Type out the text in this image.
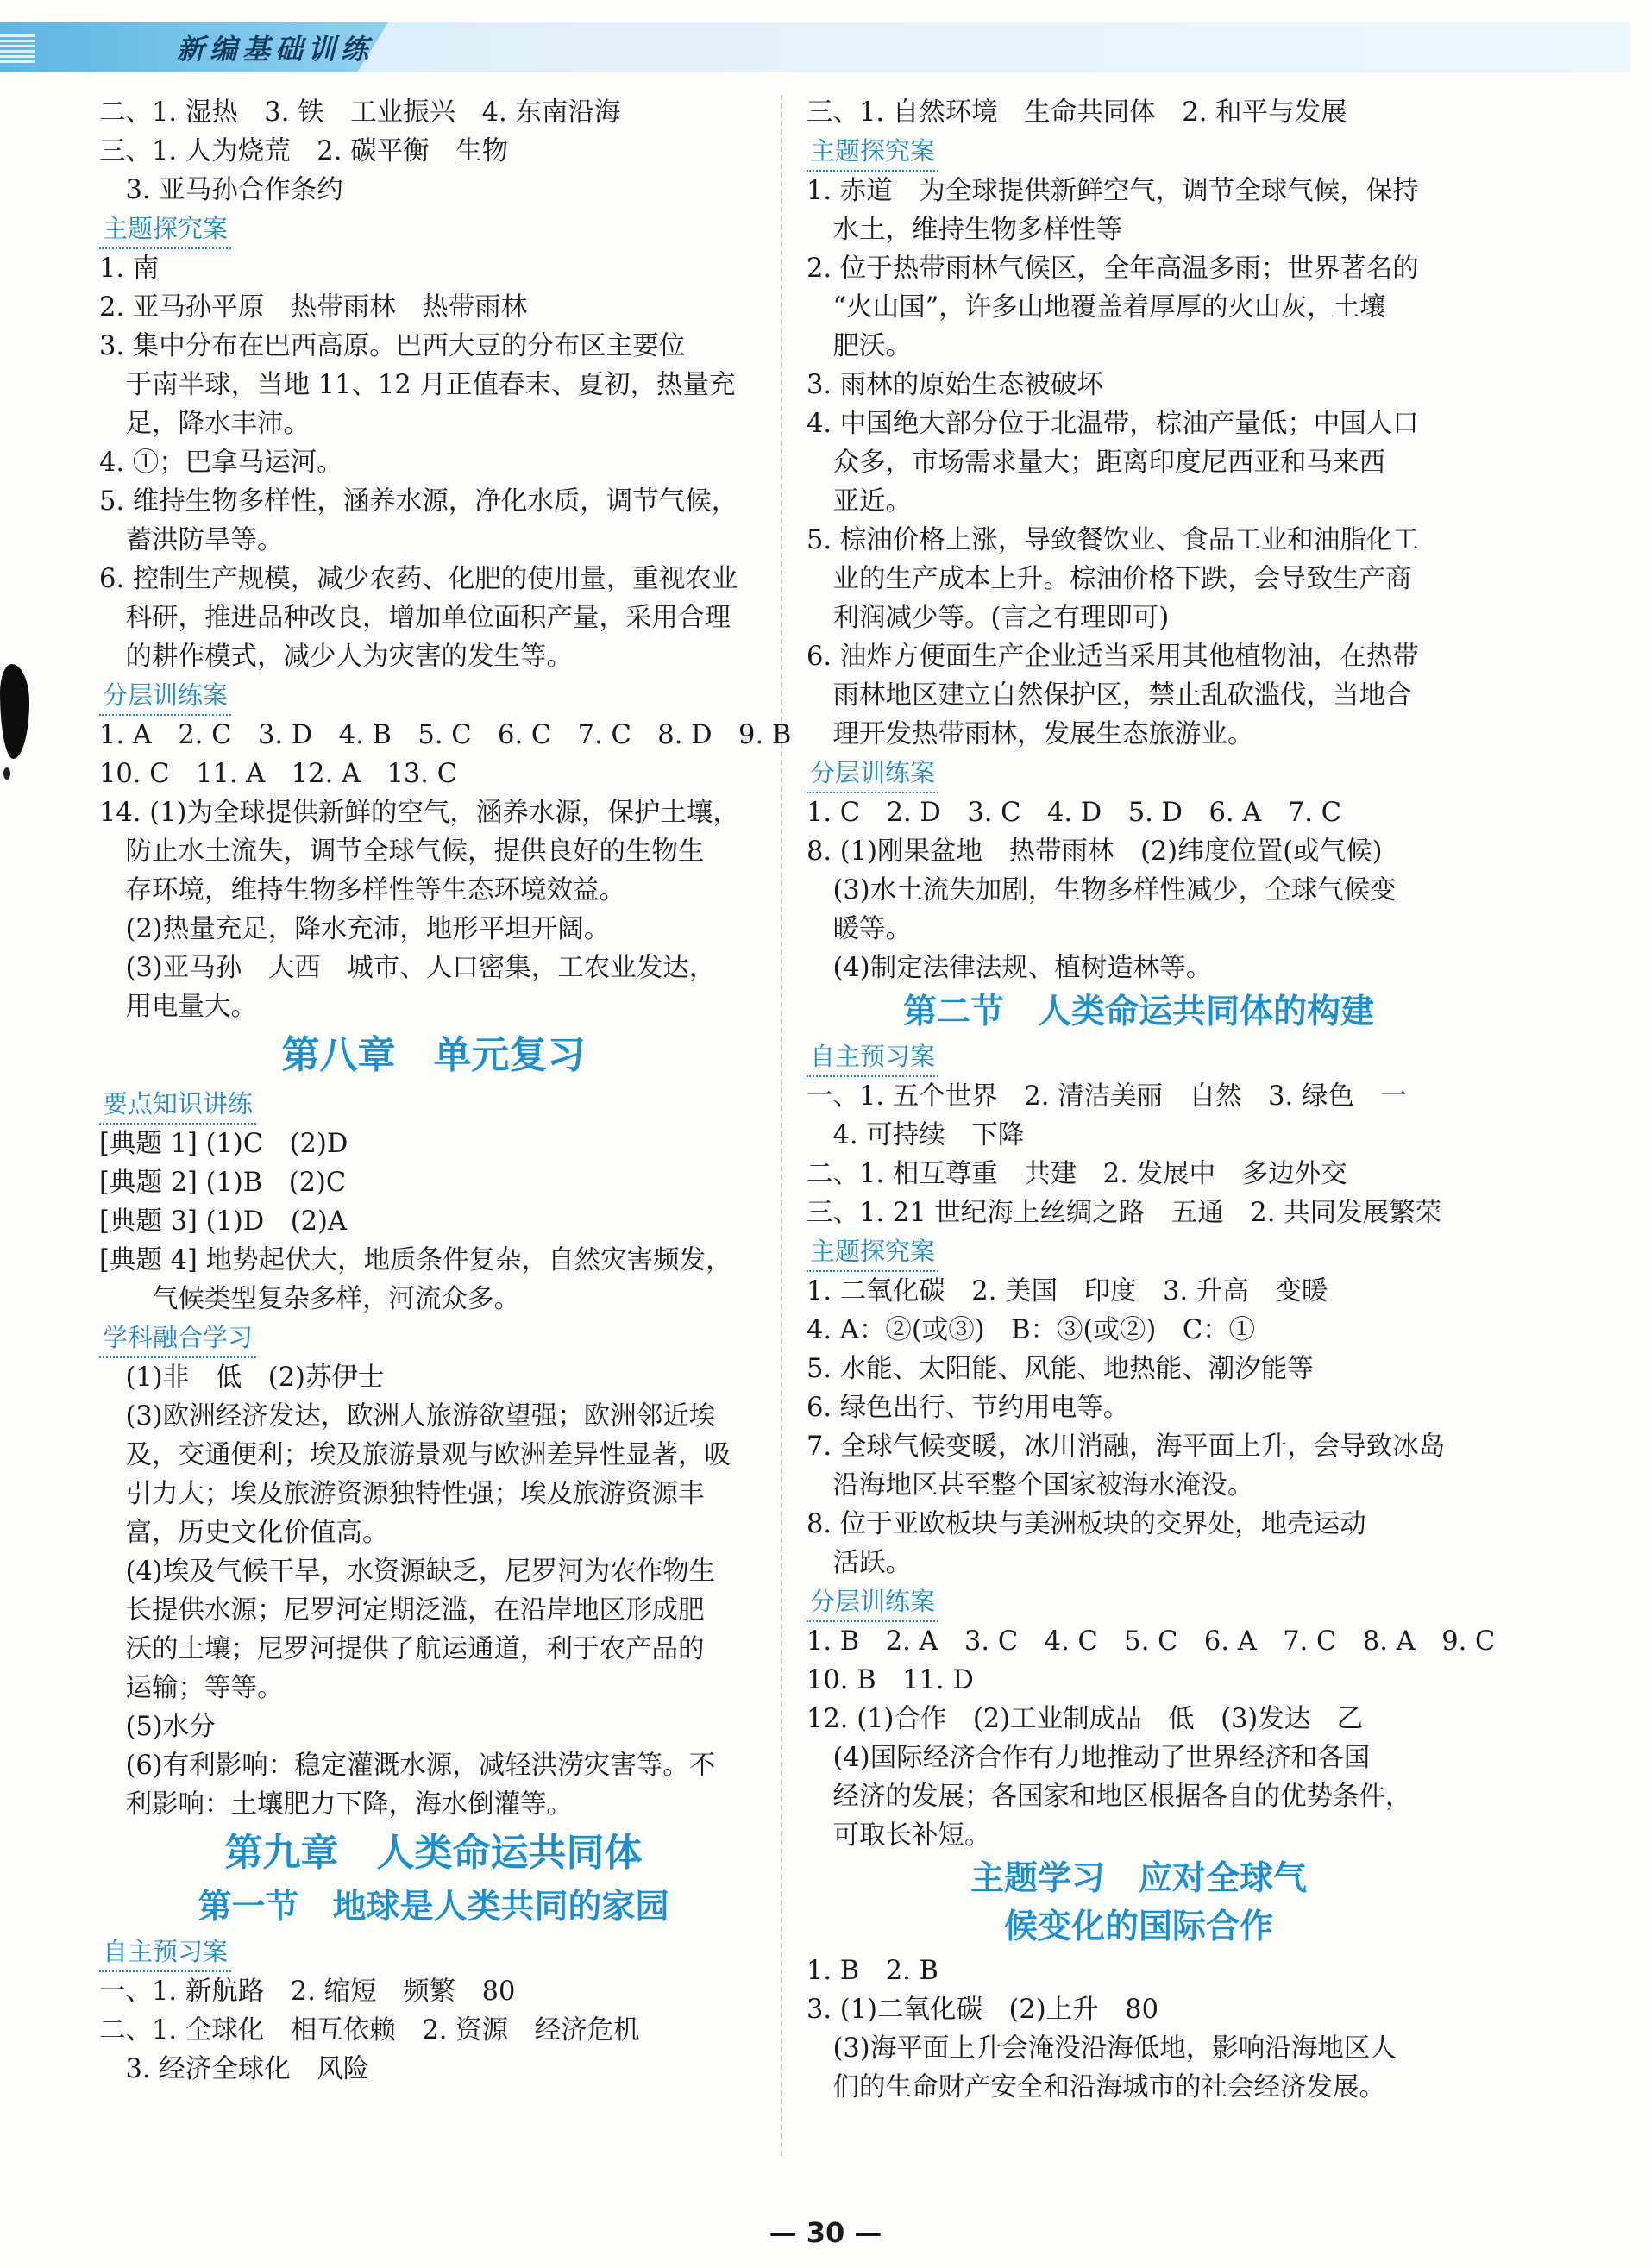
新编基础训练
二、1. 湿热　3. 铁　工业振兴　4. 东南沿海
三、1. 人为烧荒　2. 碳平衡　生物
　3. 亚马孙合作条约
主题探究案
1. 南
2. 亚马孙平原　热带雨林　热带雨林
3. 集中分布在巴西高原。巴西大豆的分布区主要位
　于南半球，当地 11、12 月正值春末、夏初，热量充
　足，降水丰沛。
4. ①；巴拿马运河。
5. 维持生物多样性，涵养水源，净化水质，调节气候，
　蓄洪防旱等。
6. 控制生产规模，减少农药、化肥的使用量，重视农业
　科研，推进品种改良，增加单位面积产量，采用合理
　的耕作模式，减少人为灾害的发生等。
分层训练案
1. A　2. C　3. D　4. B　5. C　6. C　7. C　8. D　9. B
10. C　11. A　12. A　13. C
14. (1)为全球提供新鲜的空气，涵养水源，保护土壤，
　防止水土流失，调节全球气候，提供良好的生物生
　存环境，维持生物多样性等生态环境效益。
　(2)热量充足，降水充沛，地形平坦开阔。
　(3)亚马孙　大西　城市、人口密集，工农业发达，
　用电量大。
第八章　单元复习
要点知识讲练
[典题 1] (1)C　(2)D
[典题 2] (1)B　(2)C
[典题 3] (1)D　(2)A
[典题 4] 地势起伏大，地质条件复杂，自然灾害频发，
　　气候类型复杂多样，河流众多。
学科融合学习
　(1)非　低　(2)苏伊士
　(3)欧洲经济发达，欧洲人旅游欲望强；欧洲邻近埃
　及，交通便利；埃及旅游景观与欧洲差异性显著，吸
　引力大；埃及旅游资源独特性强；埃及旅游资源丰
　富，历史文化价值高。
　(4)埃及气候干旱，水资源缺乏，尼罗河为农作物生
　长提供水源；尼罗河定期泛滥，在沿岸地区形成肥
　沃的土壤；尼罗河提供了航运通道，利于农产品的
　运输；等等。
　(5)水分
　(6)有利影响：稳定灌溉水源，减轻洪涝灾害等。不
　利影响：土壤肥力下降，海水倒灌等。
第九章　人类命运共同体
第一节　地球是人类共同的家园
自主预习案
一、1. 新航路　2. 缩短　频繁　80
二、1. 全球化　相互依赖　2. 资源　经济危机
　3. 经济全球化　风险
三、1. 自然环境　生命共同体　2. 和平与发展
主题探究案
1. 赤道　为全球提供新鲜空气，调节全球气候，保持
　水土，维持生物多样性等
2. 位于热带雨林气候区，全年高温多雨；世界著名的
　“火山国”，许多山地覆盖着厚厚的火山灰，土壤
　肥沃。
3. 雨林的原始生态被破坏
4. 中国绝大部分位于北温带，棕油产量低；中国人口
　众多，市场需求量大；距离印度尼西亚和马来西
　亚近。
5. 棕油价格上涨，导致餐饮业、食品工业和油脂化工
　业的生产成本上升。棕油价格下跌，会导致生产商
　利润减少等。(言之有理即可)
6. 油炸方便面生产企业适当采用其他植物油，在热带
　雨林地区建立自然保护区，禁止乱砍滥伐，当地合
　理开发热带雨林，发展生态旅游业。
分层训练案
1. C　2. D　3. C　4. D　5. D　6. A　7. C
8. (1)刚果盆地　热带雨林　(2)纬度位置(或气候)
　(3)水土流失加剧，生物多样性减少，全球气候变
　暖等。
　(4)制定法律法规、植树造林等。
第二节　人类命运共同体的构建
自主预习案
一、1. 五个世界　2. 清洁美丽　自然　3. 绿色　一
　4. 可持续　下降
二、1. 相互尊重　共建　2. 发展中　多边外交
三、1. 21 世纪海上丝绸之路　五通　2. 共同发展繁荣
主题探究案
1. 二氧化碳　2. 美国　印度　3. 升高　变暖
4. A：②(或③)　B：③(或②)　C：①
5. 水能、太阳能、风能、地热能、潮汐能等
6. 绿色出行、节约用电等。
7. 全球气候变暖，冰川消融，海平面上升，会导致冰岛
　沿海地区甚至整个国家被海水淹没。
8. 位于亚欧板块与美洲板块的交界处，地壳运动
　活跃。
分层训练案
1. B　2. A　3. C　4. C　5. C　6. A　7. C　8. A　9. C
10. B　11. D
12. (1)合作　(2)工业制成品　低　(3)发达　乙
　(4)国际经济合作有力地推动了世界经济和各国
　经济的发展；各国家和地区根据各自的优势条件，
　可取长补短。
主题学习　应对全球气
候变化的国际合作
1. B　2. B
3. (1)二氧化碳　(2)上升　80
　(3)海平面上升会淹没沿海低地，影响沿海地区人
　们的生命财产安全和沿海城市的社会经济发展。
— 30 —
